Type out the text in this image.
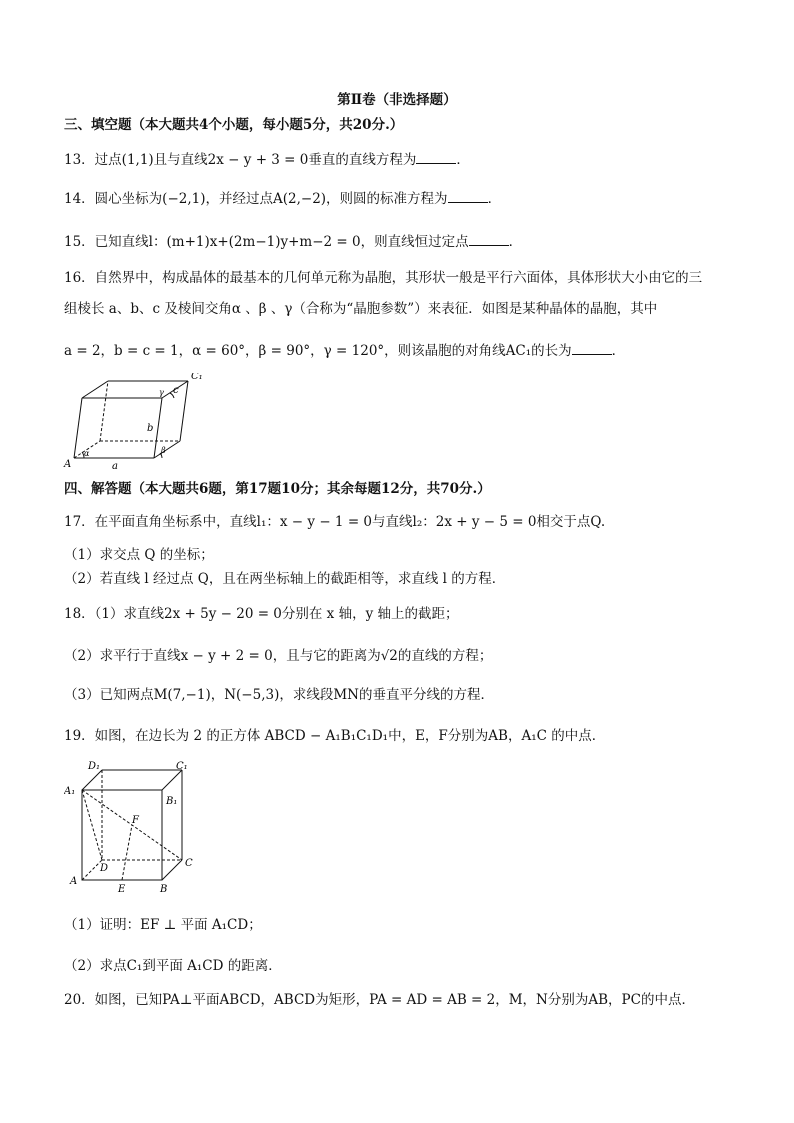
第Ⅱ卷（非选择题）
三、填空题（本大题共4个小题，每小题5分，共20分.）
13．过点(1,1)且与直线2x − y + 3 = 0垂直的直线方程为	．
14．圆心坐标为(−2,1)，并经过点A(2,−2)，则圆的标准方程为	．
15．已知直线l：(m+1)x+(2m−1)y+m−2 = 0，则直线恒过定点	．
16．自然界中，构成晶体的最基本的几何单元称为晶胞，其形状一般是平行六面体，具体形状大小由它的三
组棱长 a、b、c 及棱间交角α 、β 、γ（合称为“晶胞参数”）来表征．如图是某种晶体的晶胞，其中
a = 2，b = c = 1，α = 60°，β = 90°，γ = 120°，则该晶胞的对角线AC₁的长为	．
A
C₁
a
b
c
α	β
γ
四、解答题（本大题共6题，第17题10分；其余每题12分，共70分.）
17．在平面直角坐标系中，直线l₁：x − y − 1 = 0与直线l₂：2x + y − 5 = 0相交于点Q.
（1）求交点 Q 的坐标；
（2）若直线 l 经过点 Q，且在两坐标轴上的截距相等，求直线 l 的方程．
18．（1）求直线2x + 5y − 20 = 0分别在 x 轴，y 轴上的截距；
（2）求平行于直线x − y + 2 = 0，且与它的距离为√2的直线的方程；
（3）已知两点M(7,−1)，N(−5,3)，求线段MN的垂直平分线的方程．
19．如图，在边长为 2 的正方体 ABCD − A₁B₁C₁D₁中，E，F分别为AB，A₁C 的中点．
D₁	C₁
A₁
B₁
F
D	C
A
E	B
（1）证明：EF ⊥ 平面 A₁CD；
（2）求点C₁到平面 A₁CD 的距离．
20．如图，已知PA⊥平面ABCD，ABCD为矩形，PA = AD = AB = 2，M，N分别为AB，PC的中点．
